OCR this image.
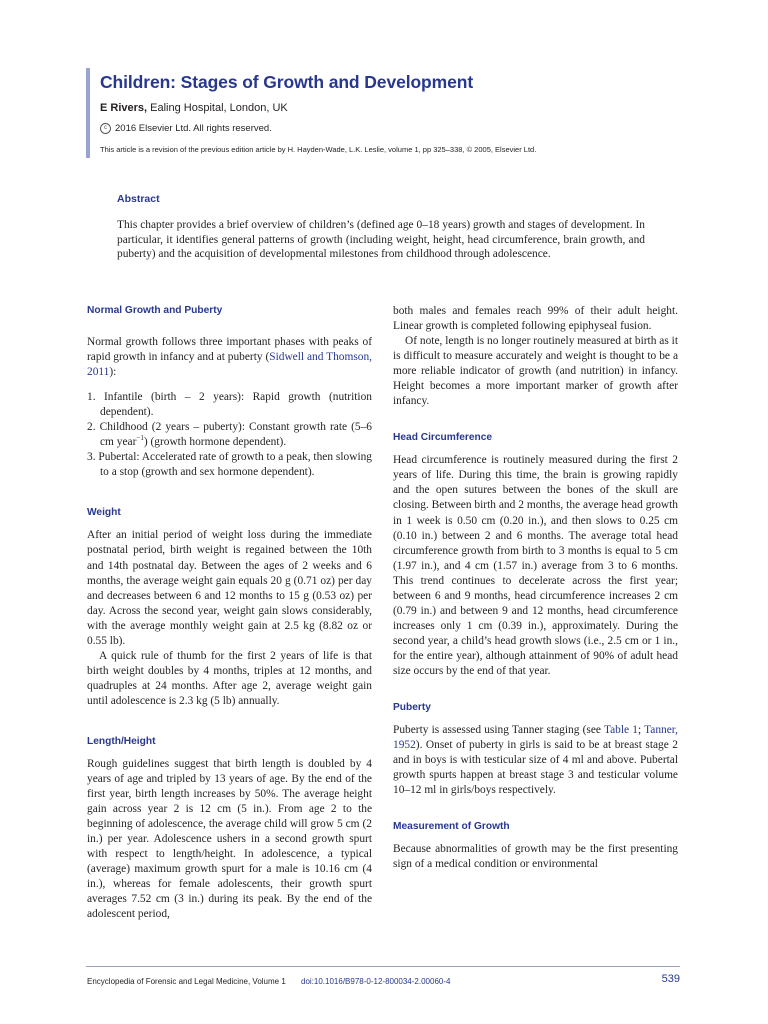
Children: Stages of Growth and Development
E Rivers, Ealing Hospital, London, UK
c 2016 Elsevier Ltd. All rights reserved.
This article is a revision of the previous edition article by H. Hayden-Wade, L.K. Leslie, volume 1, pp 325–338, © 2005, Elsevier Ltd.
Abstract
This chapter provides a brief overview of children’s (defined age 0–18 years) growth and stages of development. In particular, it identifies general patterns of growth (including weight, height, head circumference, brain growth, and puberty) and the acquisition of developmental milestones from childhood through adolescence.
Normal Growth and Puberty

Normal growth follows three important phases with peaks of rapid growth in infancy and at puberty (Sidwell and Thomson, 2011):

1. Infantile (birth – 2 years): Rapid growth (nutrition dependent).
2. Childhood (2 years – puberty): Constant growth rate (5–6 cm year$^{-1}$) (growth hormone dependent).
3. Pubertal: Accelerated rate of growth to a peak, then slowing to a stop (growth and sex hormone dependent).
Weight

After an initial period of weight loss during the immediate postnatal period, birth weight is regained between the 10th and 14th postnatal day. Between the ages of 2 weeks and 6 months, the average weight gain equals 20 g (0.71 oz) per day and decreases between 6 and 12 months to 15 g (0.53 oz) per day. Across the second year, weight gain slows considerably, with the average monthly weight gain at 2.5 kg (8.82 oz or 0.55 lb).

A quick rule of thumb for the first 2 years of life is that birth weight doubles by 4 months, triples at 12 months, and quadruples at 24 months. After age 2, average weight gain until adolescence is 2.3 kg (5 lb) annually.

Length/Height

Rough guidelines suggest that birth length is doubled by 4 years of age and tripled by 13 years of age. By the end of the first year, birth length increases by 50%. The average height gain across year 2 is 12 cm (5 in.). From age 2 to the beginning of adolescence, the average child will grow 5 cm (2 in.) per year. Adolescence ushers in a second growth spurt with respect to length/height. In adolescence, a typical (average) maximum growth spurt for a male is 10.16 cm (4 in.), whereas for female adolescents, their growth spurt averages 7.52 cm (3 in.) during its peak. By the end of the adolescent period,

both males and females reach 99% of their adult height. Linear growth is completed following epiphyseal fusion.

Of note, length is no longer routinely measured at birth as it is difficult to measure accurately and weight is thought to be a more reliable indicator of growth (and nutrition) in infancy. Height becomes a more important marker of growth after infancy.

Head Circumference

Head circumference is routinely measured during the first 2 years of life. During this time, the brain is growing rapidly and the open sutures between the bones of the skull are closing. Between birth and 2 months, the average head growth in 1 week is 0.50 cm (0.20 in.), and then slows to 0.25 cm (0.10 in.) between 2 and 6 months. The average total head circumference growth from birth to 3 months is equal to 5 cm (1.97 in.), and 4 cm (1.57 in.) average from 3 to 6 months. This trend continues to decelerate across the first year; between 6 and 9 months, head circumference increases 2 cm (0.79 in.) and between 9 and 12 months, head circumference increases only 1 cm (0.39 in.), approximately. During the second year, a child’s head growth slows (i.e., 2.5 cm or 1 in., for the entire year), although attainment of 90% of adult head size occurs by the end of that year.

Puberty

Puberty is assessed using Tanner staging (see Table 1; Tanner, 1952). Onset of puberty in girls is said to be at breast stage 2 and in boys is with testicular size of 4 ml and above. Pubertal growth spurts happen at breast stage 3 and testicular volume 10–12 ml in girls/boys respectively.

Measurement of Growth

Because abnormalities of growth may be the first presenting sign of a medical condition or environmental

Encyclopedia of Forensic and Legal Medicine, Volume 1 doi:10.1016/B978-0-12-800034-2.00060-4	539
